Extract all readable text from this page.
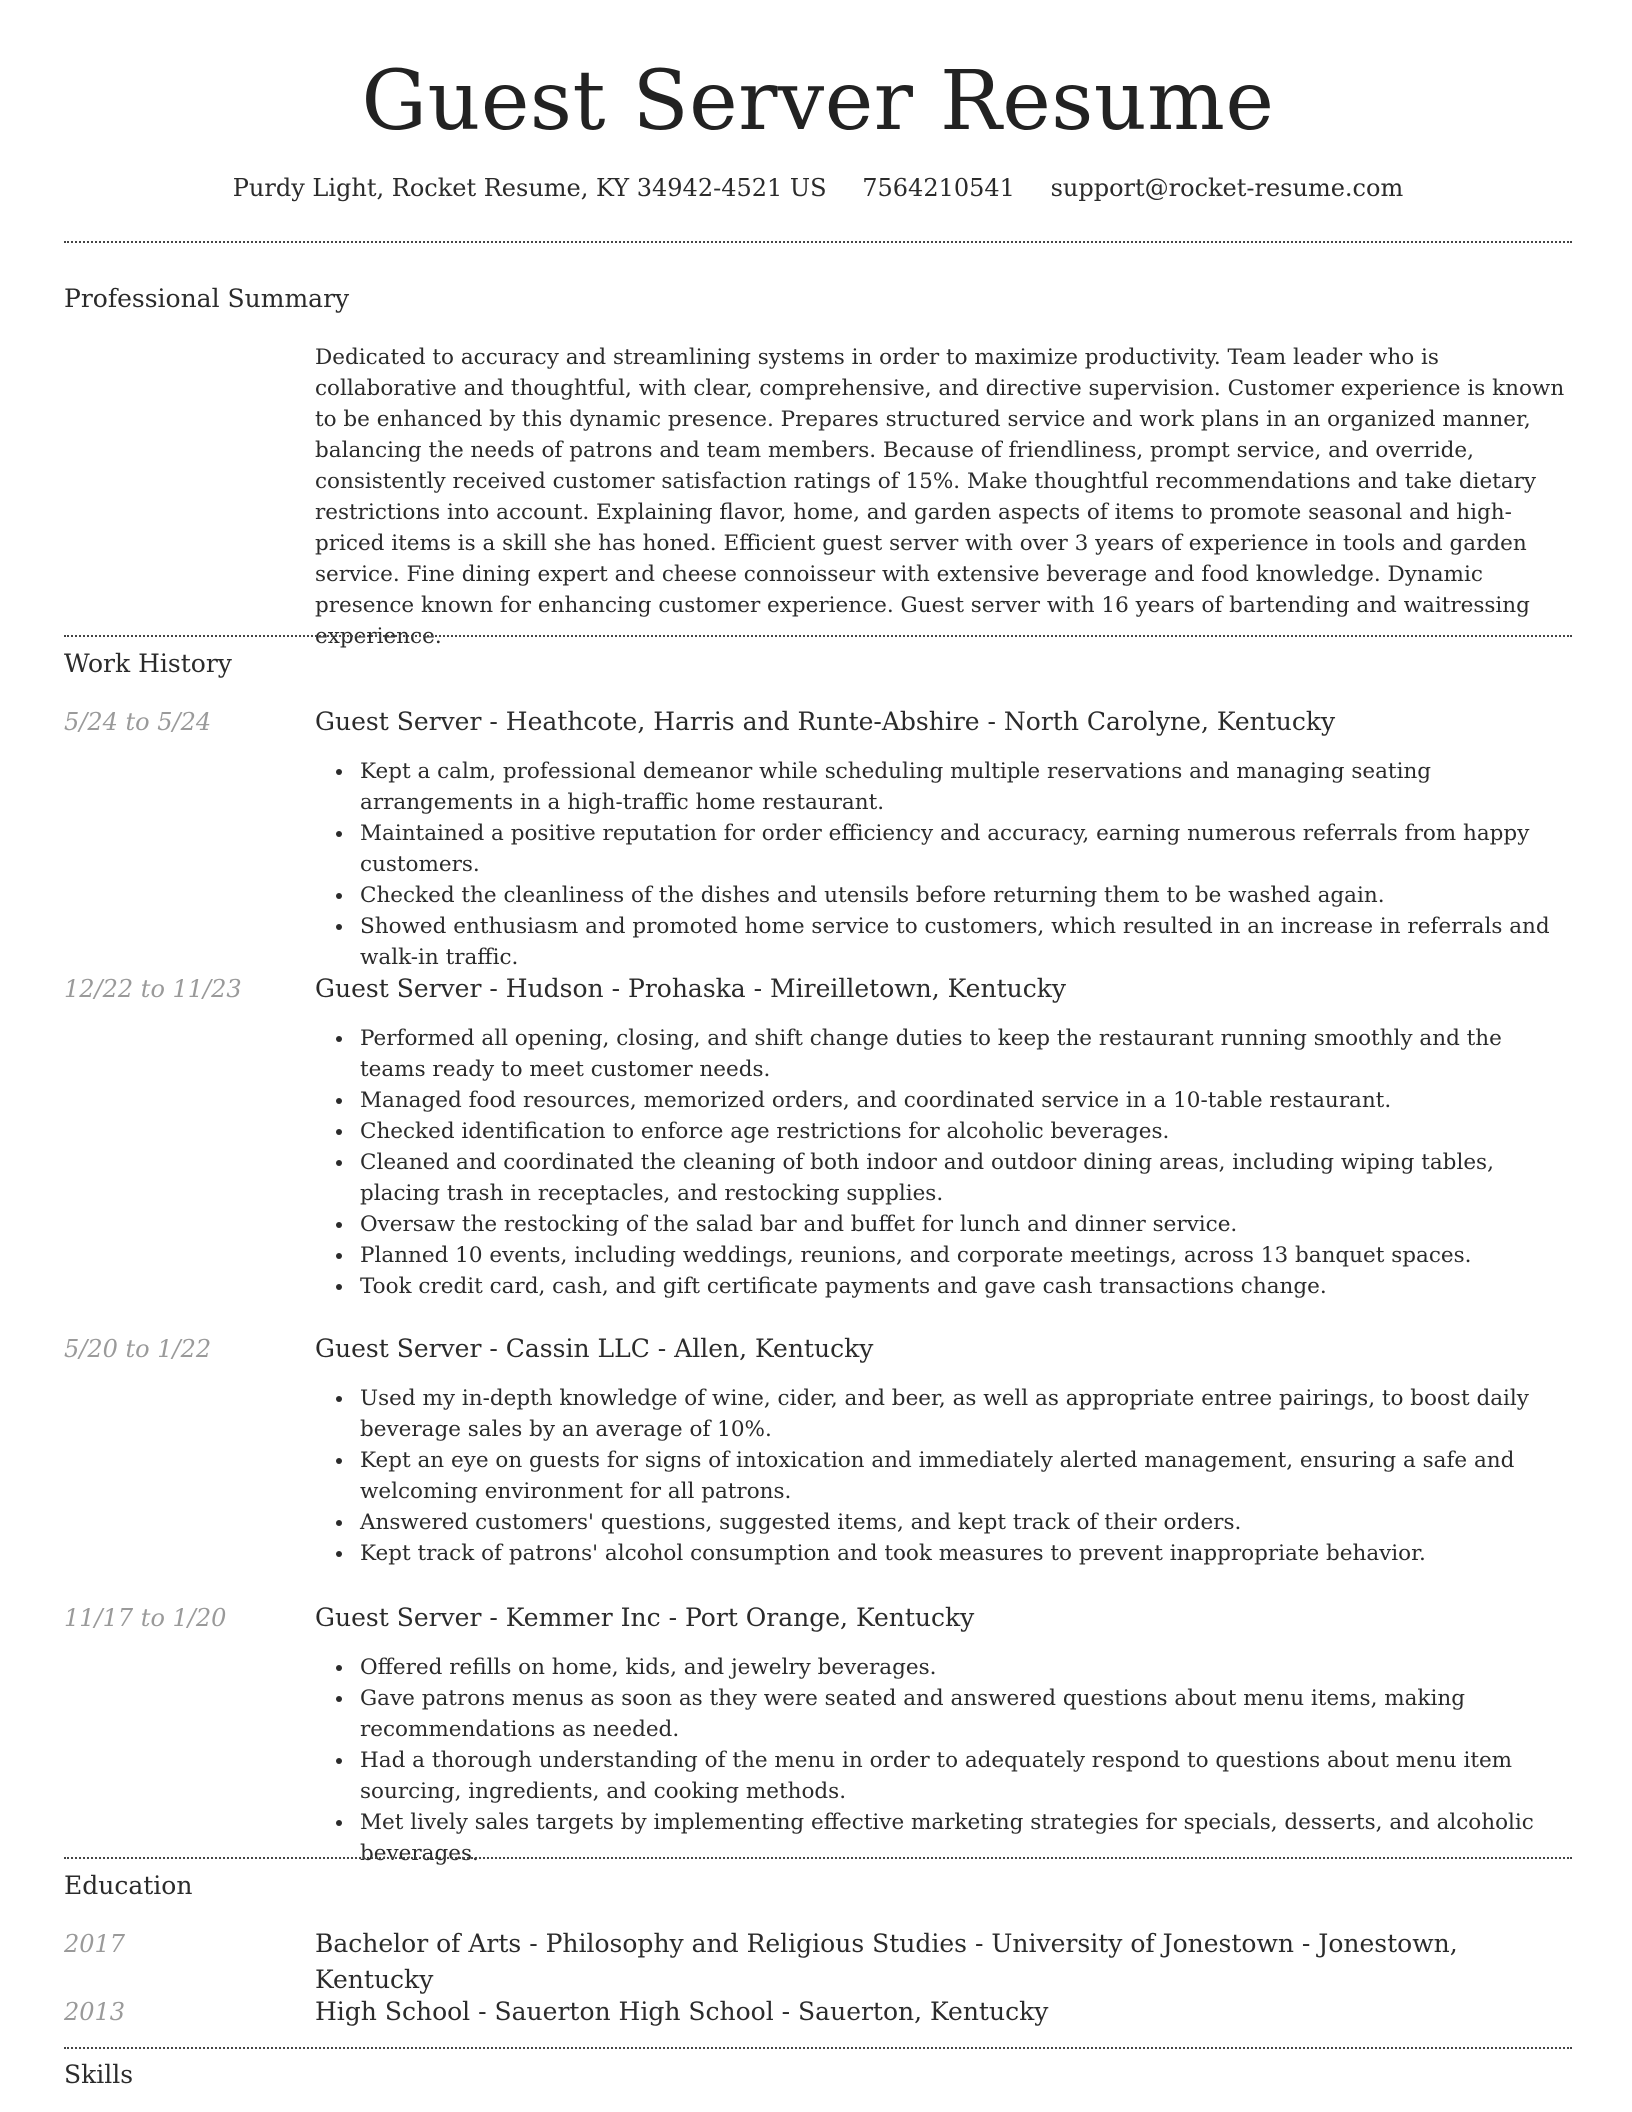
Guest Server Resume
Purdy Light, Rocket Resume, KY 34942-4521 US 7564210541 support@rocket-resume.com
Professional Summary

Dedicated to accuracy and streamlining systems in order to maximize productivity. Team leader who is collaborative and thoughtful, with clear, comprehensive, and directive supervision. Customer experience is known to be enhanced by this dynamic presence. Prepares structured service and work plans in an organized manner, balancing the needs of patrons and team members. Because of friendliness, prompt service, and override, consistently received customer satisfaction ratings of 15%. Make thoughtful recommendations and take dietary restrictions into account. Explaining flavor, home, and garden aspects of items to promote seasonal and high-priced items is a skill she has honed. Efficient guest server with over 3 years of experience in tools and garden service. Fine dining expert and cheese connoisseur with extensive beverage and food knowledge. Dynamic presence known for enhancing customer experience. Guest server with 16 years of bartending and waitressing experience.

Work History
5/24 to 5/24	Guest Server - Heathcote, Harris and Runte-Abshire - North Carolyne, Kentucky
Kept a calm, professional demeanor while scheduling multiple reservations and managing seating arrangements in a high-traffic home restaurant.
Maintained a positive reputation for order efficiency and accuracy, earning numerous referrals from happy customers.
Checked the cleanliness of the dishes and utensils before returning them to be washed again.
Showed enthusiasm and promoted home service to customers, which resulted in an increase in referrals and walk-in traffic.
12/22 to 11/23	Guest Server - Hudson - Prohaska - Mireilletown, Kentucky
Performed all opening, closing, and shift change duties to keep the restaurant running smoothly and the teams ready to meet customer needs.
Managed food resources, memorized orders, and coordinated service in a 10-table restaurant.
Checked identification to enforce age restrictions for alcoholic beverages.
Cleaned and coordinated the cleaning of both indoor and outdoor dining areas, including wiping tables, placing trash in receptacles, and restocking supplies.
Oversaw the restocking of the salad bar and buffet for lunch and dinner service.
Planned 10 events, including weddings, reunions, and corporate meetings, across 13 banquet spaces.
Took credit card, cash, and gift certificate payments and gave cash transactions change.
5/20 to 1/22	Guest Server - Cassin LLC - Allen, Kentucky
Used my in-depth knowledge of wine, cider, and beer, as well as appropriate entree pairings, to boost daily beverage sales by an average of 10%.
Kept an eye on guests for signs of intoxication and immediately alerted management, ensuring a safe and welcoming environment for all patrons.
Answered customers' questions, suggested items, and kept track of their orders.
Kept track of patrons' alcohol consumption and took measures to prevent inappropriate behavior.
11/17 to 1/20	Guest Server - Kemmer Inc - Port Orange, Kentucky
Offered refills on home, kids, and jewelry beverages.
Gave patrons menus as soon as they were seated and answered questions about menu items, making recommendations as needed.
Had a thorough understanding of the menu in order to adequately respond to questions about menu item sourcing, ingredients, and cooking methods.
Met lively sales targets by implementing effective marketing strategies for specials, desserts, and alcoholic beverages.
Education
2017	Bachelor of Arts - Philosophy and Religious Studies - University of Jonestown - Jonestown, Kentucky
2013	High School - Sauerton High School - Sauerton, Kentucky
Skills
